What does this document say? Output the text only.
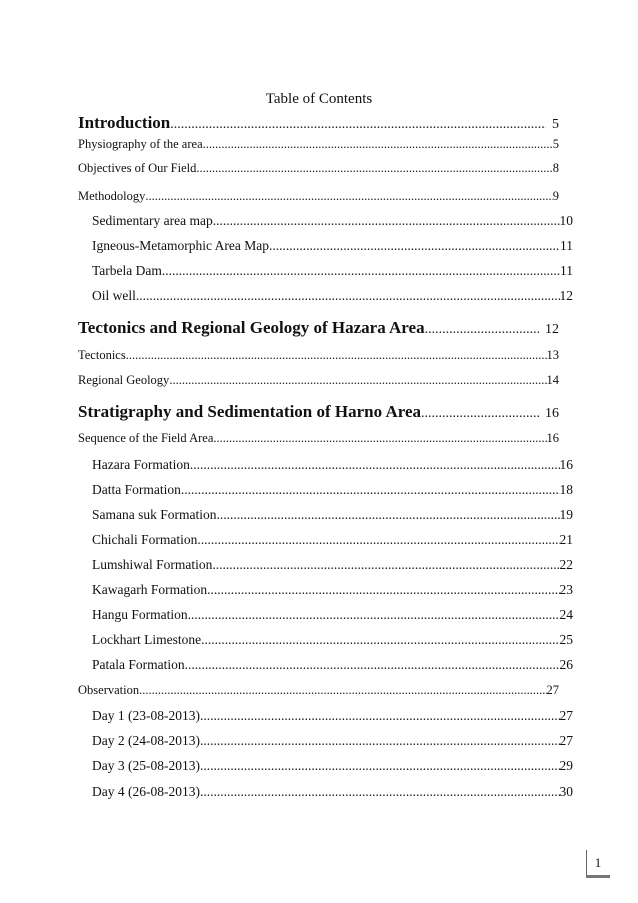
Table of Contents
Introduction .....	5
Physiography of the area .....	5
Objectives of Our Field .....	8
Methodology .....	9
Sedimentary area map .....	10
Igneous-Metamorphic Area Map .....	11
Tarbela Dam .....	11
Oil well .....	12
Tectonics and Regional Geology of Hazara Area .....	12
Tectonics .....	13
Regional Geology .....	14
Stratigraphy and Sedimentation of Harno Area .....	16
Sequence of the Field Area .....	16
Hazara Formation .....	16
Datta Formation .....	18
Samana suk Formation .....	19
Chichali Formation .....	21
Lumshiwal Formation .....	22
Kawagarh Formation .....	23
Hangu Formation .....	24
Lockhart Limestone .....	25
Patala Formation .....	26
Observation .....	27
Day 1 (23-08-2013) .....	27
Day 2 (24-08-2013) .....	27
Day 3 (25-08-2013) .....	29
Day 4 (26-08-2013) .....	30
1
